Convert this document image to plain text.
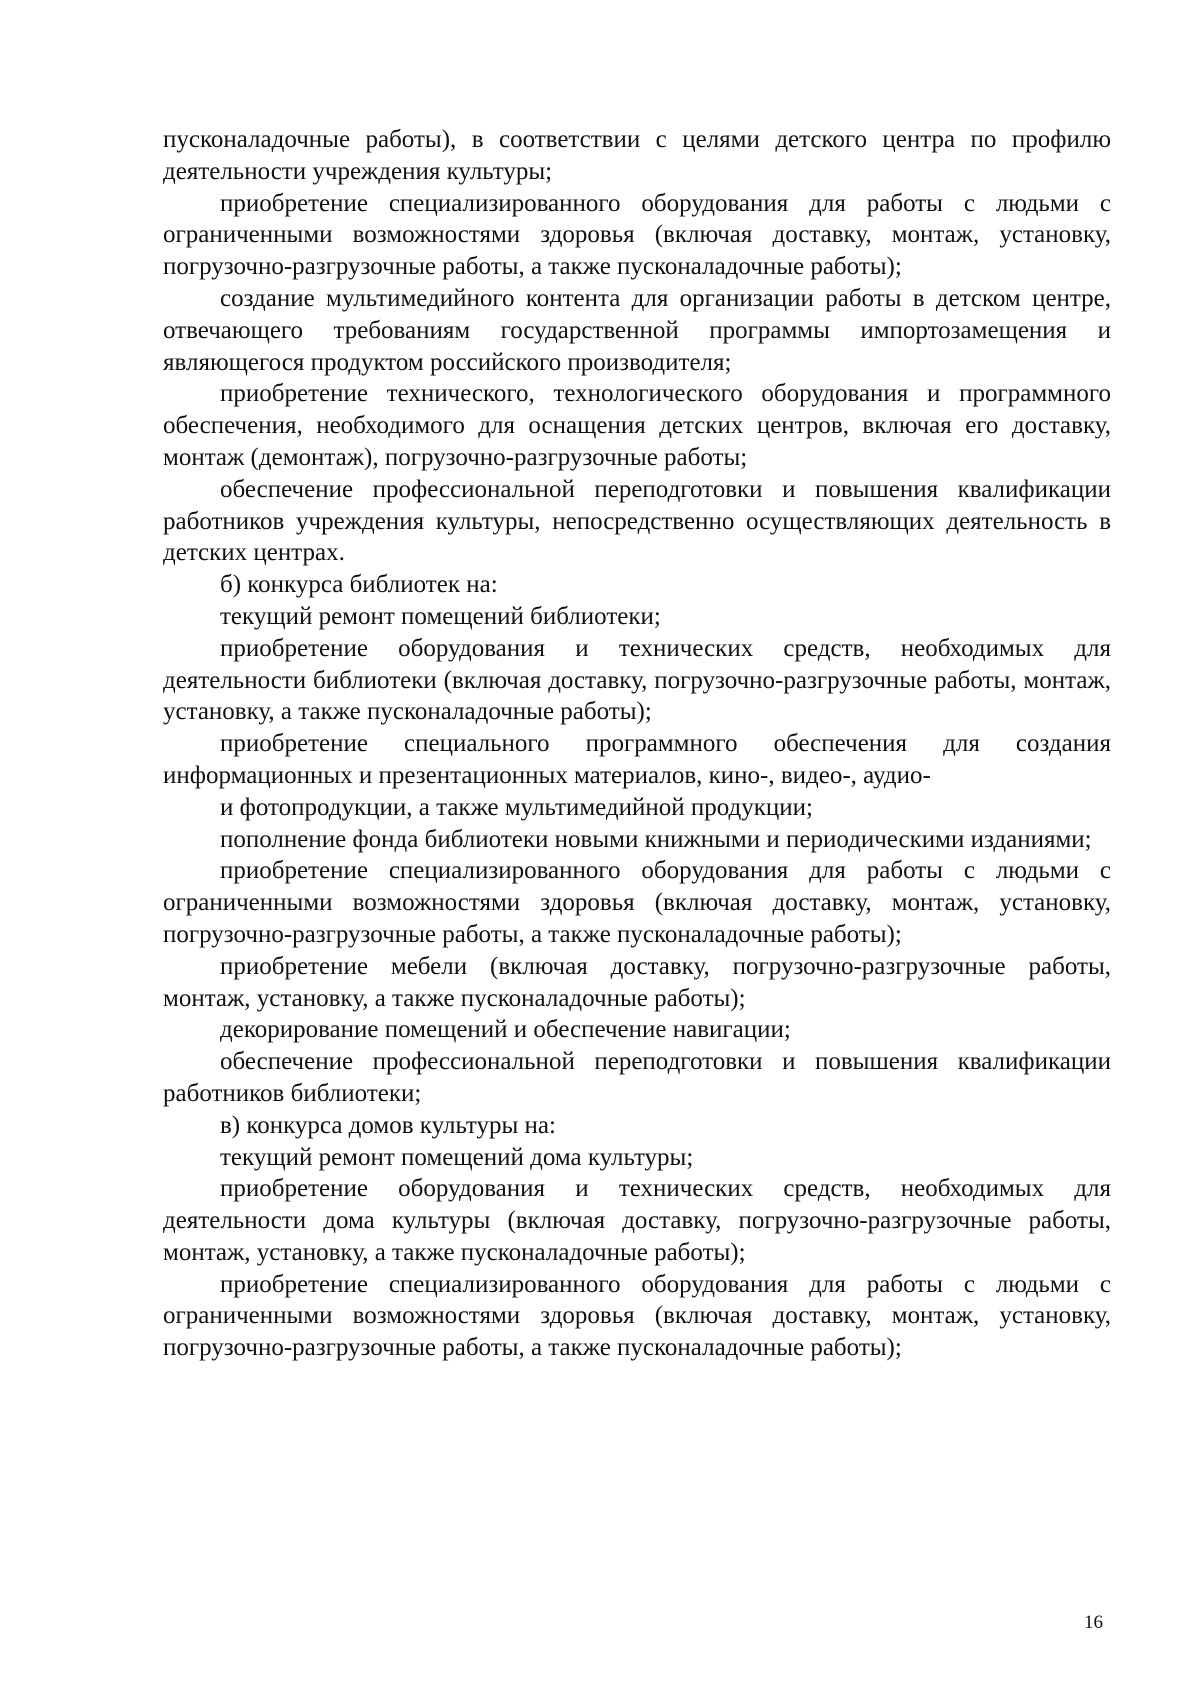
пусконаладочные работы), в соответствии с целями детского центра по профилю деятельности учреждения культуры;

приобретение специализированного оборудования для работы с людьми с ограниченными возможностями здоровья (включая доставку, монтаж, установку, погрузочно-разгрузочные работы, а также пусконаладочные работы);

создание мультимедийного контента для организации работы в детском центре, отвечающего требованиям государственной программы импортозамещения и являющегося продуктом российского производителя;

приобретение технического, технологического оборудования и программного обеспечения, необходимого для оснащения детских центров, включая его доставку, монтаж (демонтаж), погрузочно-разгрузочные работы;

обеспечение профессиональной переподготовки и повышения квалификации работников учреждения культуры, непосредственно осуществляющих деятельность в детских центрах.

б) конкурса библиотек на:

текущий ремонт помещений библиотеки;

приобретение оборудования и технических средств, необходимых для деятельности библиотеки (включая доставку, погрузочно-разгрузочные работы, монтаж, установку, а также пусконаладочные работы);

приобретение специального программного обеспечения для создания информационных и презентационных материалов, кино-, видео-, аудио-

и фотопродукции, а также мультимедийной продукции;

пополнение фонда библиотеки новыми книжными и периодическими изданиями;

приобретение специализированного оборудования для работы с людьми с ограниченными возможностями здоровья (включая доставку, монтаж, установку, погрузочно-разгрузочные работы, а также пусконаладочные работы);

приобретение мебели (включая доставку, погрузочно-разгрузочные работы, монтаж, установку, а также пусконаладочные работы);

декорирование помещений и обеспечение навигации;

обеспечение профессиональной переподготовки и повышения квалификации работников библиотеки;

в) конкурса домов культуры на:

текущий ремонт помещений дома культуры;

приобретение оборудования и технических средств, необходимых для деятельности дома культуры (включая доставку, погрузочно-разгрузочные работы, монтаж, установку, а также пусконаладочные работы);

приобретение специализированного оборудования для работы с людьми с ограниченными возможностями здоровья (включая доставку, монтаж, установку, погрузочно-разгрузочные работы, а также пусконаладочные работы);

16
